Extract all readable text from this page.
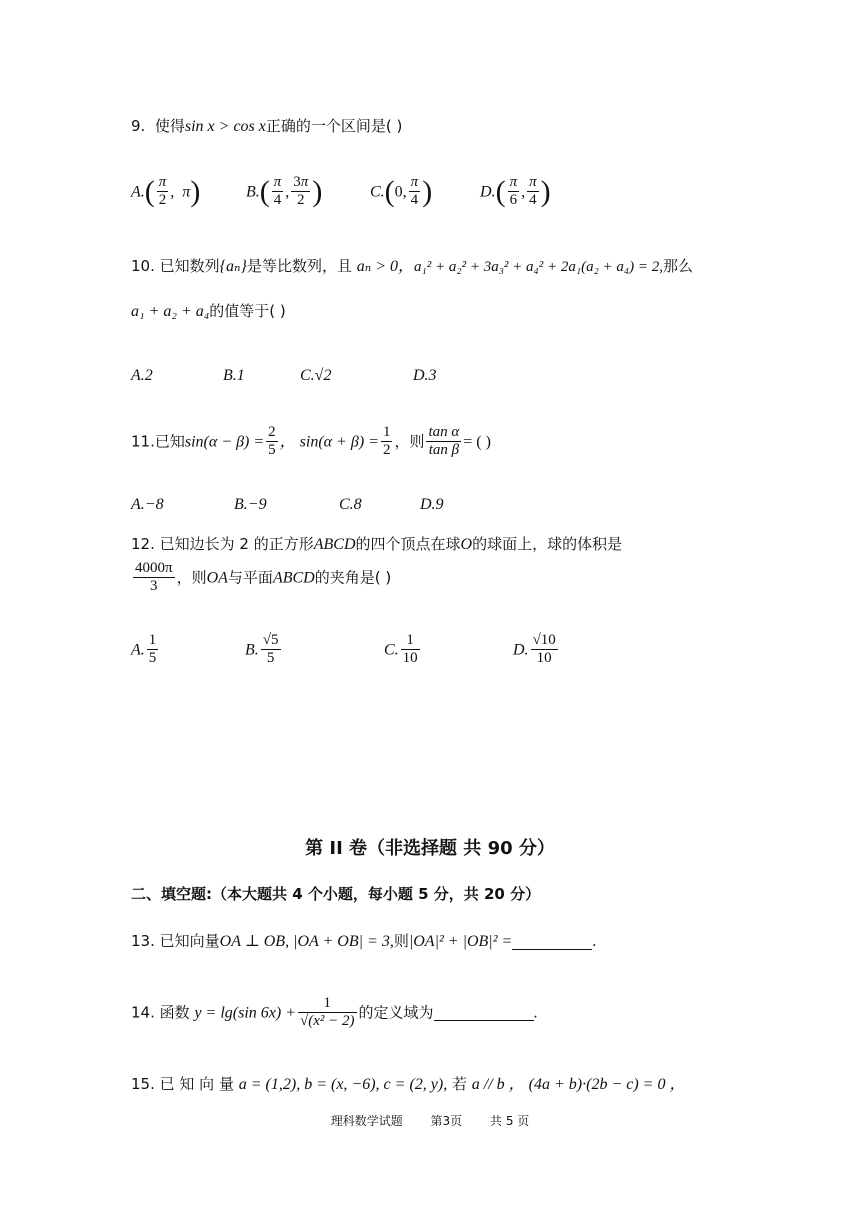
9. 使得sin x > cos x正确的一个区间是( )
$A.( \frac{\pi}{2}$ ,  π)	$B.( \frac{\pi}{4}$ , $\frac{3\pi}{2}$ )	C.(0, $\frac{\pi}{4}$ )	$D.( \frac{\pi}{6}$ , $\frac{\pi}{4}$ )
10. 已知数列{aₙ}是等比数列，且 aₙ > 0，a₁² + a₂² + 3a₃² + a₄² + 2a₁(a₂ + a₄) = 2,那么
a₁ + a₂ + a₄的值等于( )
A.2	B.1	C.√2	D.3
11.已知$\sin(\alpha - \beta) = \frac{2}{5}$ ， $\sin(\alpha + \beta) = \frac{1}{2}$ ，则 $\frac{\text{tan α}}{\text{tan β}}$ = ( )
A.−8	B.−9	C.8	D.9
12. 已知边长为 2 的正方形ABCD的四个顶点在球O的球面上，球的体积是
$\frac{4000\pi}{3}$ ，则OA与平面ABCD的夹角是( )
A. $\frac{1}{5}$	B. $\frac{√5}{5}$	C. $\frac{1}{10}$	D. $\frac{√10}{10}$
第 II 卷（非选择题 共 90 分）
二、填空题:（本大题共 4 个小题，每小题 5 分，共 20 分）
13. 已知向量OA ⊥ OB, |OA + OB| = 3,则|OA|² + |OB|² =	.
14. 函数 y = lg(sin $6x) + \frac{1}{\text{√(x² − 2)}}$ 的定义域为	.
15. 已 知 向 量 a = (1,2), b = (x, −6), c = (2, y), 若 a // b ， (4a + b)·(2b − c) = 0 ，
理科数学试题 第3页 共 5 页
